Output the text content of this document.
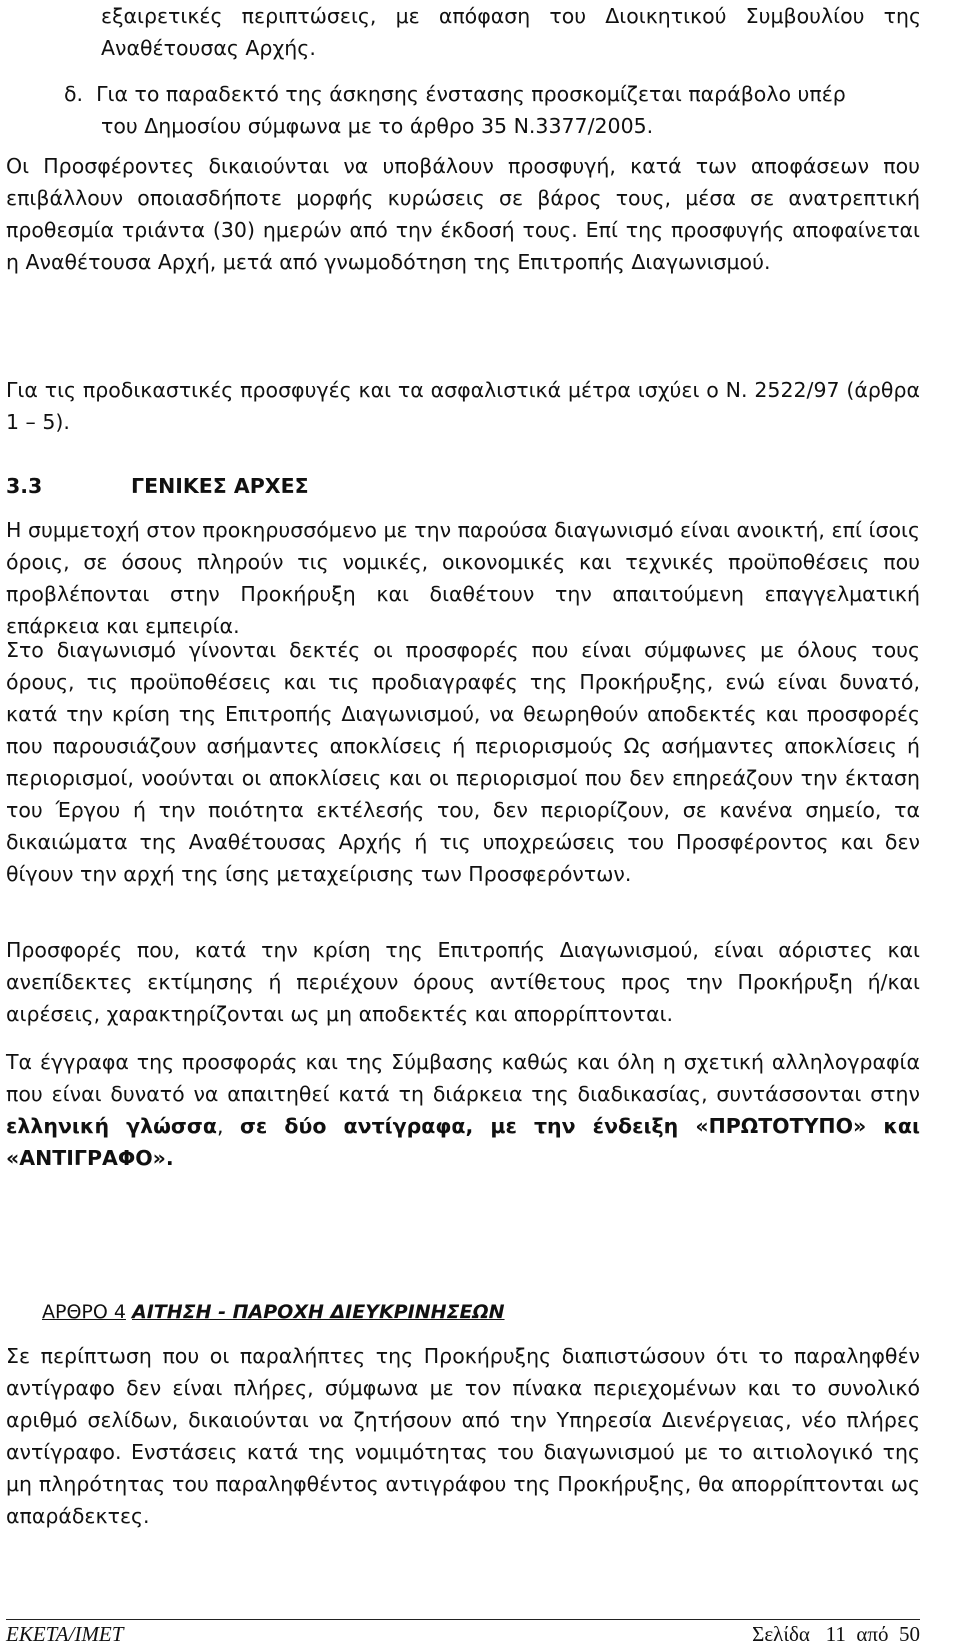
εξαιρετικές περιπτώσεις, με απόφαση του Διοικητικού Συμβουλίου της Αναθέτουσας Αρχής.

δ. Για το παραδεκτό της άσκησης ένστασης προσκομίζεται παράβολο υπέρ
του Δημοσίου σύμφωνα με το άρθρο 35 Ν.3377/2005.

Οι Προσφέροντες δικαιούνται να υποβάλουν προσφυγή, κατά των αποφάσεων που επιβάλλουν οποιασδήποτε μορφής κυρώσεις σε βάρος τους, μέσα σε ανατρεπτική προθεσμία τριάντα (30) ημερών από την έκδοσή τους. Επί της προσφυγής αποφαίνεται η Αναθέτουσα Αρχή, μετά από γνωμοδότηση της Επιτροπής Διαγωνισμού.

Για τις προδικαστικές προσφυγές και τα ασφαλιστικά μέτρα ισχύει ο Ν. 2522/97 (άρθρα 1 – 5).

3.3	ΓΕΝΙΚΕΣ ΑΡΧΕΣ

Η συμμετοχή στον προκηρυσσόμενο με την παρούσα διαγωνισμό είναι ανοικτή, επί ίσοις όροις, σε όσους πληρούν τις νομικές, οικονομικές και τεχνικές προϋποθέσεις που προβλέπονται στην Προκήρυξη και διαθέτουν την απαιτούμενη επαγγελματική επάρκεια και εμπειρία.

Στο διαγωνισμό γίνονται δεκτές οι προσφορές που είναι σύμφωνες με όλους τους όρους, τις προϋποθέσεις και τις προδιαγραφές της Προκήρυξης, ενώ είναι δυνατό, κατά την κρίση της Επιτροπής Διαγωνισμού, να θεωρηθούν αποδεκτές και προσφορές που παρουσιάζουν ασήμαντες αποκλίσεις ή περιορισμούς Ως ασήμαντες αποκλίσεις ή περιορισμοί, νοούνται οι αποκλίσεις και οι περιορισμοί που δεν επηρεάζουν την έκταση του Έργου ή την ποιότητα εκτέλεσής του, δεν περιορίζουν, σε κανένα σημείο, τα δικαιώματα της Αναθέτουσας Αρχής ή τις υποχρεώσεις του Προσφέροντος και δεν θίγουν την αρχή της ίσης μεταχείρισης των Προσφερόντων.

Προσφορές που, κατά την κρίση της Επιτροπής Διαγωνισμού, είναι αόριστες και ανεπίδεκτες εκτίμησης ή περιέχουν όρους αντίθετους προς την Προκήρυξη ή/και αιρέσεις, χαρακτηρίζονται ως μη αποδεκτές και απορρίπτονται.

Τα έγγραφα της προσφοράς και της Σύμβασης καθώς και όλη η σχετική αλληλογραφία που είναι δυνατό να απαιτηθεί κατά τη διάρκεια της διαδικασίας, συντάσσονται στην ελληνική γλώσσα, σε δύο αντίγραφα, με την ένδειξη «ΠΡΩΤΟΤΥΠΟ» και «ΑΝΤΙΓΡΑΦΟ».

ΑΡΘΡΟ 4 ΑΙΤΗΣΗ - ΠΑΡΟΧΗ ΔΙΕΥΚΡΙΝΗΣΕΩΝ

Σε περίπτωση που οι παραλήπτες της Προκήρυξης διαπιστώσουν ότι το παραληφθέν αντίγραφο δεν είναι πλήρες, σύμφωνα με τον πίνακα περιεχομένων και το συνολικό αριθμό σελίδων, δικαιούνται να ζητήσουν από την Υπηρεσία Διενέργειας, νέο πλήρες αντίγραφο. Ενστάσεις κατά της νομιμότητας του διαγωνισμού με το αιτιολογικό της μη πληρότητας του παραληφθέντος αντιγράφου της Προκήρυξης, θα απορρίπτονται ως απαράδεκτες.

ΕΚΕΤΑ/ΙΜΕΤ	Σελίδα 11 από 50
